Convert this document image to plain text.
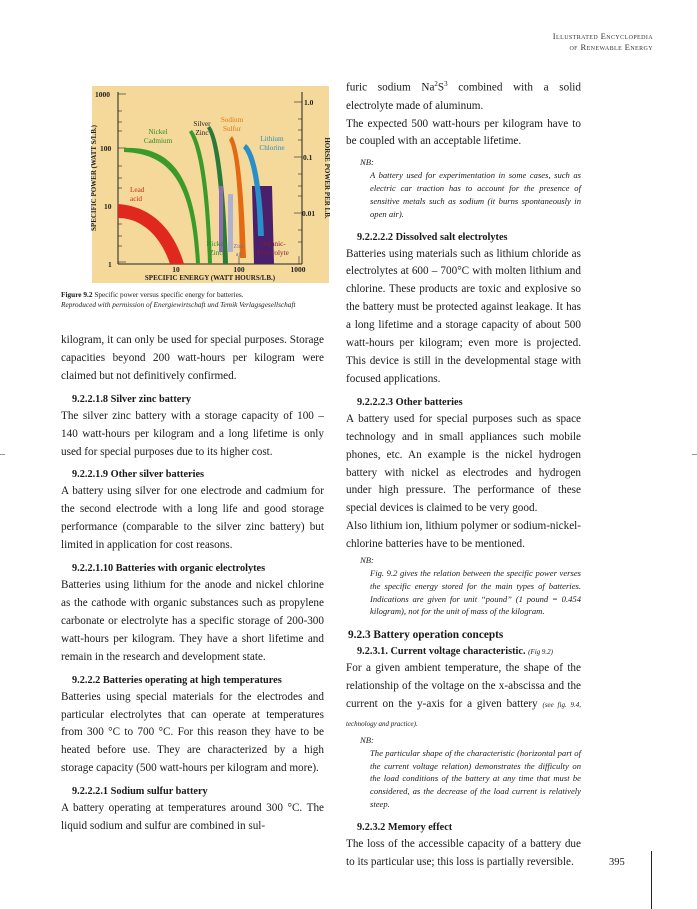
Illustrated Encyclopedia
of Renewable Energy
SPECIFIC POWER (WATT S/LB.)	HORSE POWER PER LB.
SPECIFIC ENERGY (WATT HOURS/LB.)
1000
100
10
1
1.0
0.1
0.01
10	100	1000
Nickel
Cadmium
Silver
Zinc
Sodium
Sulfur
Lithium
Chlorine
Lead
acid
Nickel
Zinc
Zinc
air
Organic-
Electrolyte
Figure 9.2 Specific power versus specific energy for batteries.
Reproduced with permission of Energiewirtschaft und Temik Verlagsgesellschaft

kilogram, it can only be used for special purposes. Storage capacities beyond 200 watt-hours per kilogram were claimed but not definitively confirmed.

9.2.2.1.8 Silver zinc battery

The silver zinc battery with a storage capacity of 100 – 140 watt-hours per kilogram and a long lifetime is only used for special purposes due to its higher cost.

9.2.2.1.9 Other silver batteries

A battery using silver for one electrode and cadmium for the second electrode with a long life and good storage performance (comparable to the silver zinc battery) but limited in application for cost reasons.

9.2.2.1.10 Batteries with organic electrolytes

Batteries using lithium for the anode and nickel chlorine as the cathode with organic substances such as propylene carbonate or electrolyte has a specific storage of 200-300 watt-hours per kilogram. They have a short lifetime and remain in the research and development state.

9.2.2.2 Batteries operating at high temperatures

Batteries using special materials for the electrodes and particular electrolytes that can operate at temperatures from 300 °C to 700 °C. For this reason they have to be heated before use. They are characterized by a high storage capacity (500 watt-hours per kilogram and more).

9.2.2.2.1 Sodium sulfur battery

A battery operating at temperatures around 300 °C. The liquid sodium and sulfur are combined in sul-

furic sodium $Na^2S^3$ combined with a solid electrolyte made of aluminum.

The expected 500 watt-hours per kilogram have to be coupled with an acceptable lifetime.

NB:

A battery used for experimentation in some cases, such as electric car traction has to account for the presence of sensitive metals such as sodium (it burns spontaneously in open air).

9.2.2.2.2 Dissolved salt electrolytes

Batteries using materials such as lithium chloride as electrolytes at 600 – 700°C with molten lithium and chlorine. These products are toxic and explosive so the battery must be protected against leakage. It has a long lifetime and a storage capacity of about 500 watt-hours per kilogram; even more is projected. This device is still in the developmental stage with focused applications.

9.2.2.2.3 Other batteries

A battery used for special purposes such as space technology and in small appliances such mobile phones, etc. An example is the nickel hydrogen battery with nickel as electrodes and hydrogen under high pressure. The performance of these special devices is claimed to be very good.

Also lithium ion, lithium polymer or sodium-nickel-chlorine batteries have to be mentioned.

NB:

Fig. 9.2 gives the relation between the specific power verses the specific energy stored for the main types of batteries. Indications are given for unit “pound” (1 pound = 0.454 kilogram), not for the unit of mass of the kilogram.

9.2.3 Battery operation concepts
9.2.3.1. Current voltage characteristic. (Fig 9.2)

For a given ambient temperature, the shape of the relationship of the voltage on the x-abscissa and the current on the y-axis for a given battery (see fig. 9.4, technology and practice).

NB:

The particular shape of the characteristic (horizontal part of the current voltage relation) demonstrates the difficulty on the load conditions of the battery at any time that must be considered, as the decrease of the load current is relatively steep.

9.2.3.2 Memory effect

The loss of the accessible capacity of a battery due to its particular use; this loss is partially reversible.	395
